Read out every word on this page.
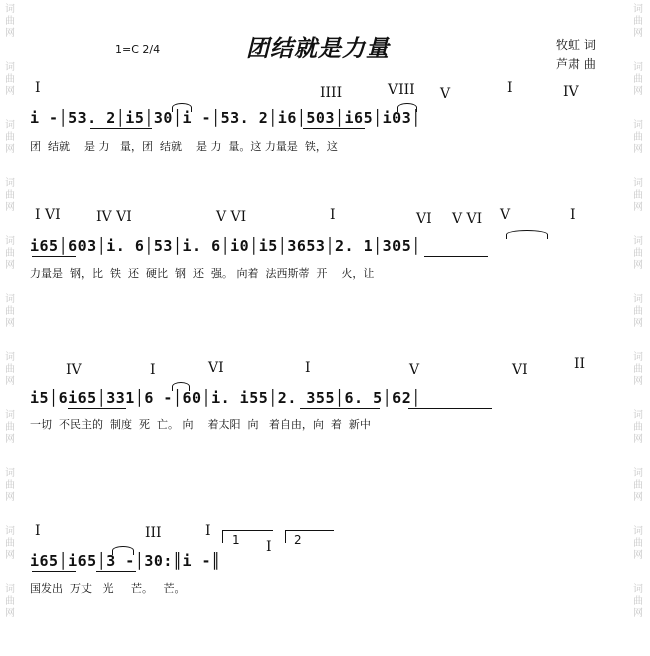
词
曲
网
词
曲
网
词
曲
网
词
曲
网
词
曲
网
词
曲
网
词
曲
网
词
曲
网
词
曲
网
词
曲
网
词
曲
网
词
曲
网
词
曲
网
词
曲
网
词
曲
网
词
曲
网
词
曲
网
词
曲
网
词
曲
网
词
曲
网
词
曲
网
词
曲
网
1=C 2/4	团结就是力量	牧虹 词
芦肃 曲
I	IIII	VIII V	I	IV
i -│53. 2│i5│30│i -│53. 2│i6│503│i65│i03│
团  结就    是 力   量，团  结就    是 力  量。这 力量是  铁，这
I VI	IV VI	V VI	I	VI V VI V	I
i65│603│i. 6│53│i. 6│i0│i5│3653│2. 1│305│
力量是  钢，比  铁  还  硬比  钢  还  强。 向着  法西斯蒂  开    火，让
IV	I	VI	I	V	VI	II
i5│6i65│331│6 -│60│i. i55│2. 355│6. 5│62│
一切  不民主的  制度  死  亡。 向    着太阳  向   着自由，向  着  新中
I	III	I
I
1	2
i65│i65│3 -│30:║i -║
国发出  万丈   光     芒。   芒。
